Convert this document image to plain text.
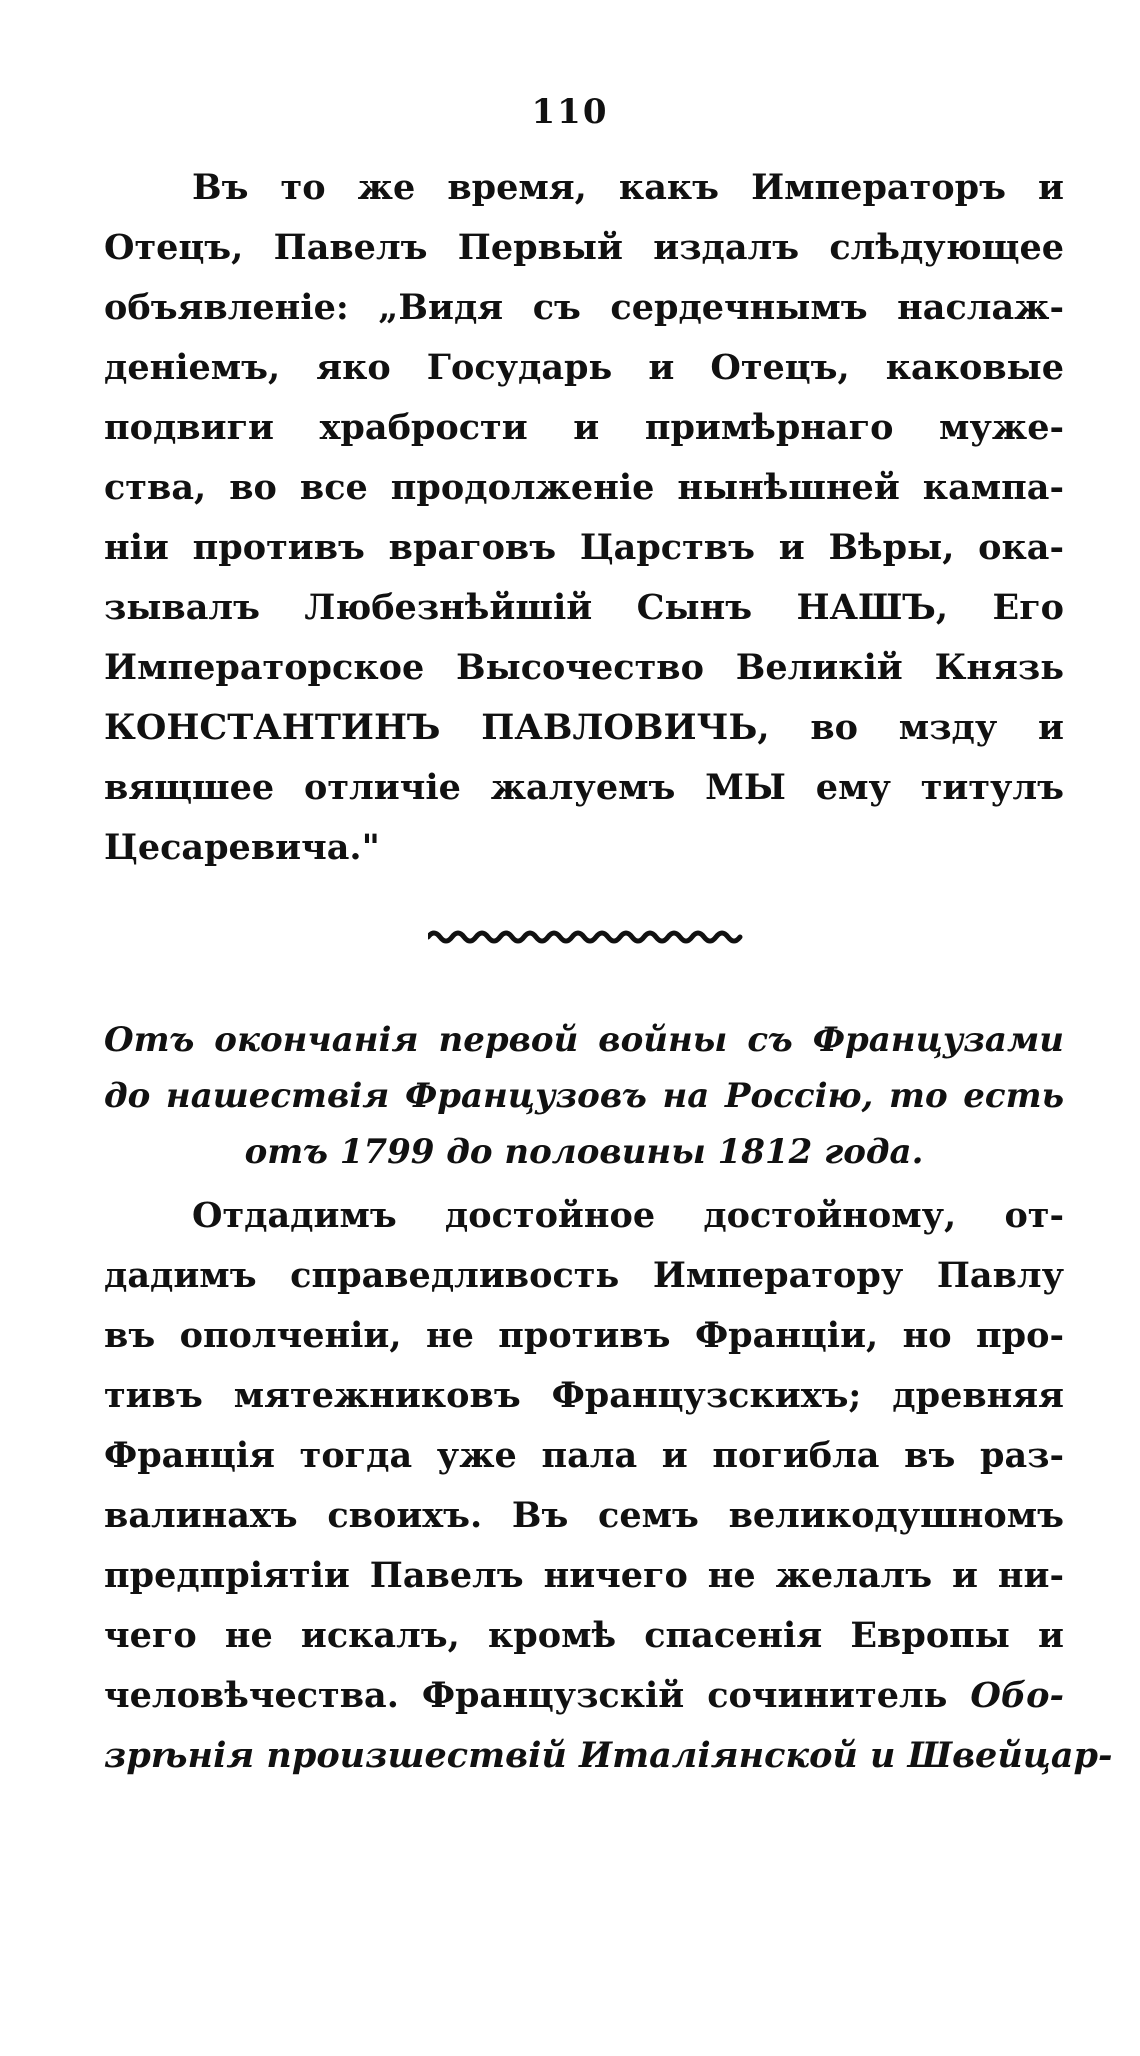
110
Въ то же время, какъ Императоръ и
Отецъ, Павелъ Первый издалъ слѣдующее
объявленіе: „Видя съ сердечнымъ наслаж-
деніемъ, яко Государь и Отецъ, каковые
подвиги храбрости и примѣрнаго муже-
ства, во все продолженіе нынѣшней кампа-
ніи противъ враговъ Царствъ и Вѣры, ока-
зывалъ Любезнѣйшій Сынъ НАШЪ, Его
Императорское Высочество Великій Князь
КОНСТАНТИНЪ ПАВЛОВИЧЬ, во мзду и
вящшее отличіе жалуемъ МЫ ему титулъ
Цесаревича."
Отъ окончанія первой войны съ Французами
до нашествія Французовъ на Россію, то есть
отъ 1799 до половины 1812 года.
Отдадимъ достойное достойному, от-
дадимъ справедливость Императору Павлу
въ ополченіи, не противъ Франціи, но про-
тивъ мятежниковъ Французскихъ; древняя
Франція тогда уже пала и погибла въ раз-
валинахъ своихъ. Въ семъ великодушномъ
предпріятіи Павелъ ничего не желалъ и ни-
чего не искалъ, кромѣ спасенія Европы и
человѣчества. Французскій сочинитель Обо-
зрѣнія произшествій Италіянской и Швейцар-
